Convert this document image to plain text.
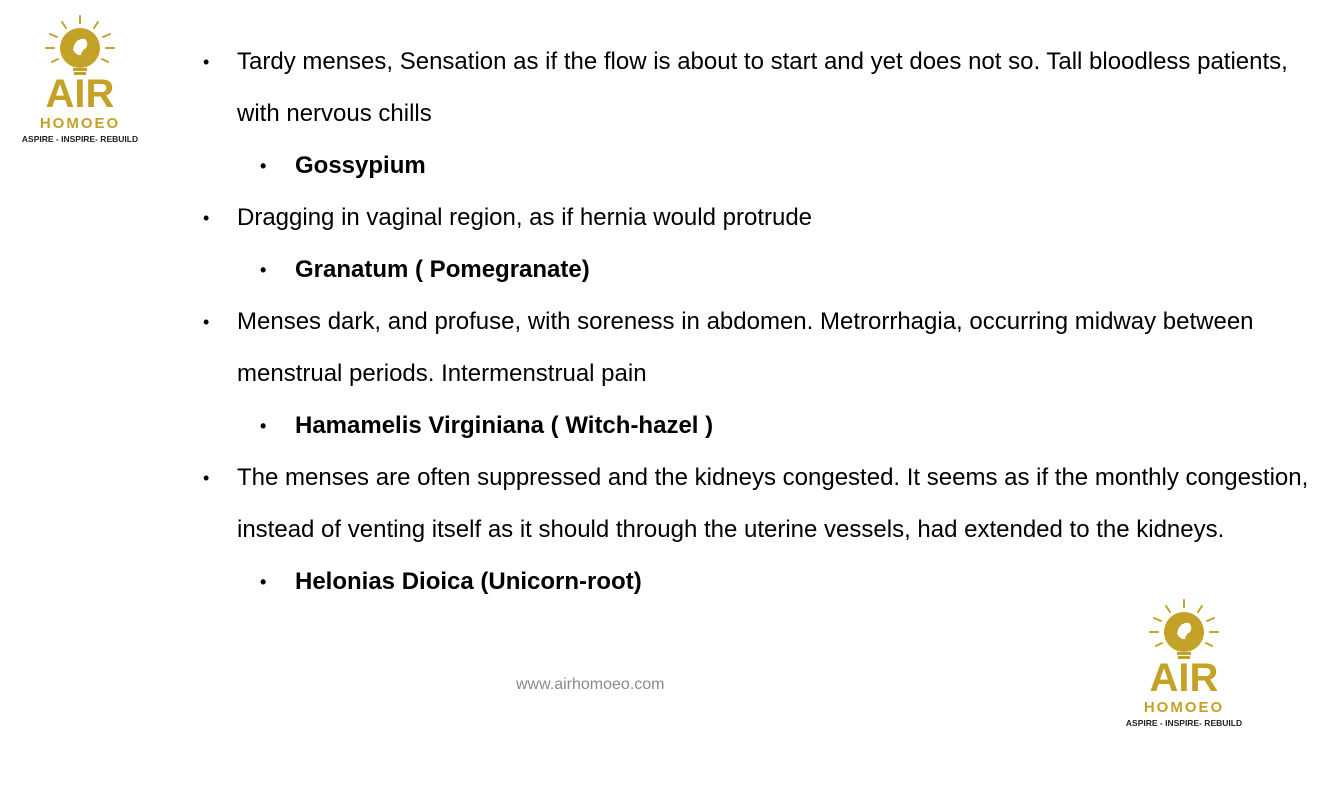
AIR
HOMOEO
ASPIRE - INSPIRE- REBUILD
• Tardy menses, Sensation as if the flow is about to start and yet does not so. Tall bloodless patients, with nervous chills
• Gossypium
• Dragging in vaginal region, as if hernia would protrude
• Granatum ( Pomegranate)
• Menses dark, and profuse, with soreness in abdomen. Metrorrhagia, occurring midway between menstrual periods. Intermenstrual pain
• Hamamelis Virginiana ( Witch-hazel )
• The menses are often suppressed and the kidneys congested. It seems as if the monthly congestion, instead of venting itself as it should through the uterine vessels, had extended to the kidneys.
• Helonias Dioica (Unicorn-root)
www.airhomoeo.com	AIR
HOMOEO
ASPIRE - INSPIRE- REBUILD
